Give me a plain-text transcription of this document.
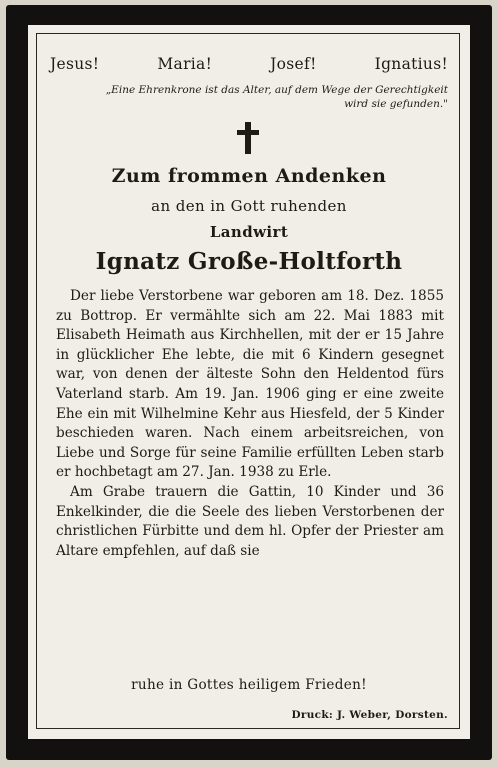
Jesus!	Maria!	Josef!	Ignatius!
„Eine Ehrenkrone ist das Alter, auf dem Wege der Gerechtigkeit wird sie gefunden."
Zum frommen Andenken
an den in Gott ruhenden
Landwirt
Ignatz Große-Holtforth

Der liebe Verstorbene war geboren am 18. Dez. 1855 zu Bottrop. Er vermählte sich am 22. Mai 1883 mit Elisabeth Heimath aus Kirchhellen, mit der er 15 Jahre in glücklicher Ehe lebte, die mit 6 Kindern gesegnet war, von denen der älteste Sohn den Heldentod fürs Vaterland starb. Am 19. Jan. 1906 ging er eine zweite Ehe ein mit Wilhelmine Kehr aus Hiesfeld, der 5 Kinder beschieden waren. Nach einem arbeitsreichen, von Liebe und Sorge für seine Familie erfüllten Leben starb er hochbetagt am 27. Jan. 1938 zu Erle.

Am Grabe trauern die Gattin, 10 Kinder und 36 Enkelkinder, die die Seele des lieben Verstorbenen der christlichen Fürbitte und dem hl. Opfer der Priester am Altare empfehlen, auf daß sie

ruhe in Gottes heiligem Frieden!
Druck: J. Weber, Dorsten.
